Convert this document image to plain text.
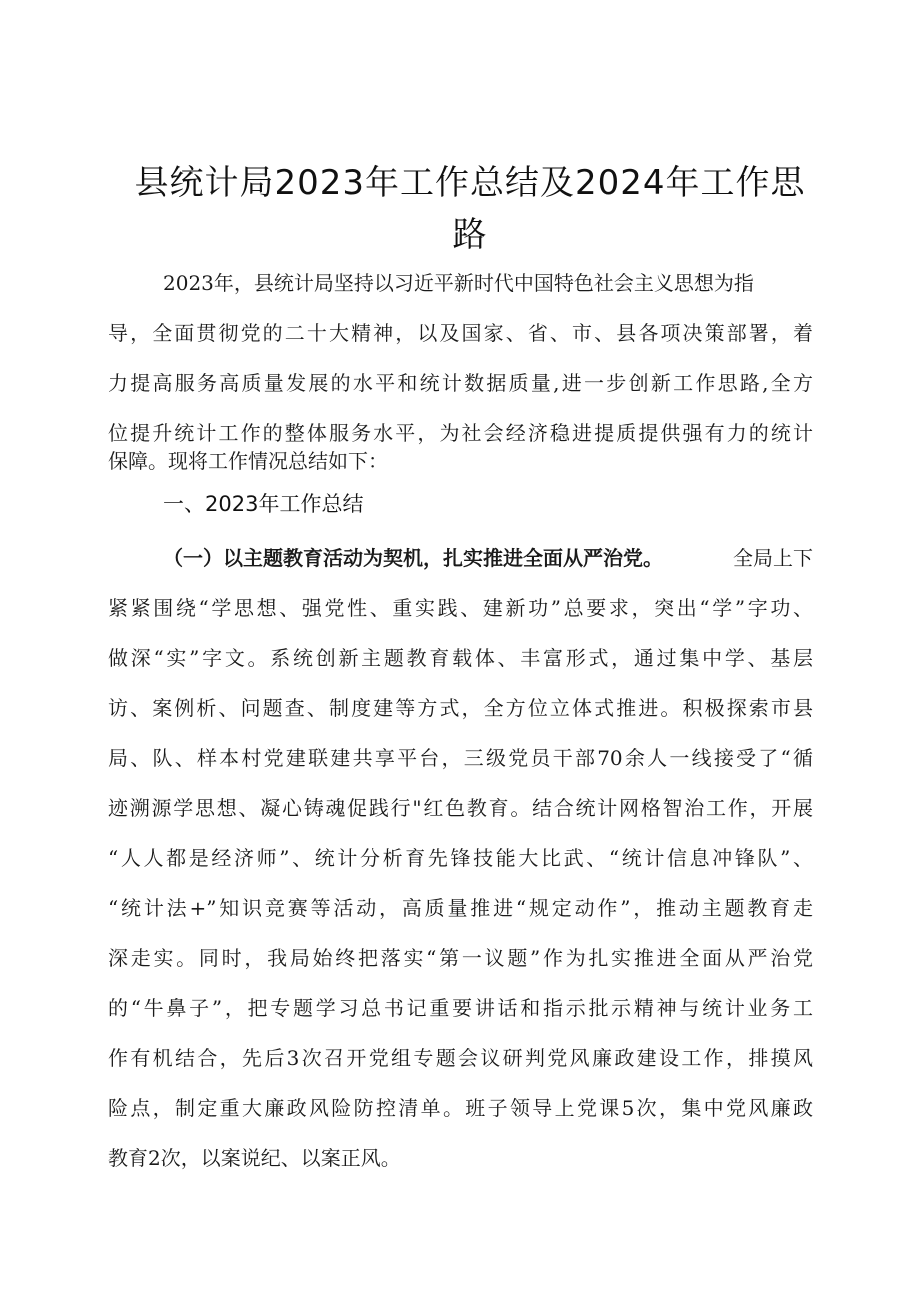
县统计局2023年工作总结及2024年工作思
路
2023年，县统计局坚持以习近平新时代中国特色社会主义思想为指
导，全面贯彻党的二十大精神，以及国家、省、市、县各项决策部署，着
力提高服务高质量发展的水平和统计数据质量,进一步创新工作思路,全方
位提升统计工作的整体服务水平，为社会经济稳进提质提供强有力的统计
保障。现将工作情况总结如下：
一、2023年工作总结
（一）以主题教育活动为契机，扎实推进全面从严治党。	全局上下
紧紧围绕“学思想、强党性、重实践、建新功”总要求，突出“学”字功、
做深“实”字文。系统创新主题教育载体、丰富形式，通过集中学、基层
访、案例析、问题查、制度建等方式，全方位立体式推进。积极探索市县
局、队、样本村党建联建共享平台，三级党员干部70余人一线接受了“循
迹溯源学思想、凝心铸魂促践行"红色教育。结合统计网格智治工作，开展
“人人都是经济师”、统计分析育先锋技能大比武、“统计信息冲锋队”、
“统计法+”知识竞赛等活动，高质量推进“规定动作”，推动主题教育走
深走实。同时，我局始终把落实“第一议题”作为扎实推进全面从严治党
的“牛鼻子”，把专题学习总书记重要讲话和指示批示精神与统计业务工
作有机结合，先后3次召开党组专题会议研判党风廉政建设工作，排摸风
险点，制定重大廉政风险防控清单。班子领导上党课5次，集中党风廉政
教育2次，以案说纪、以案正风。
